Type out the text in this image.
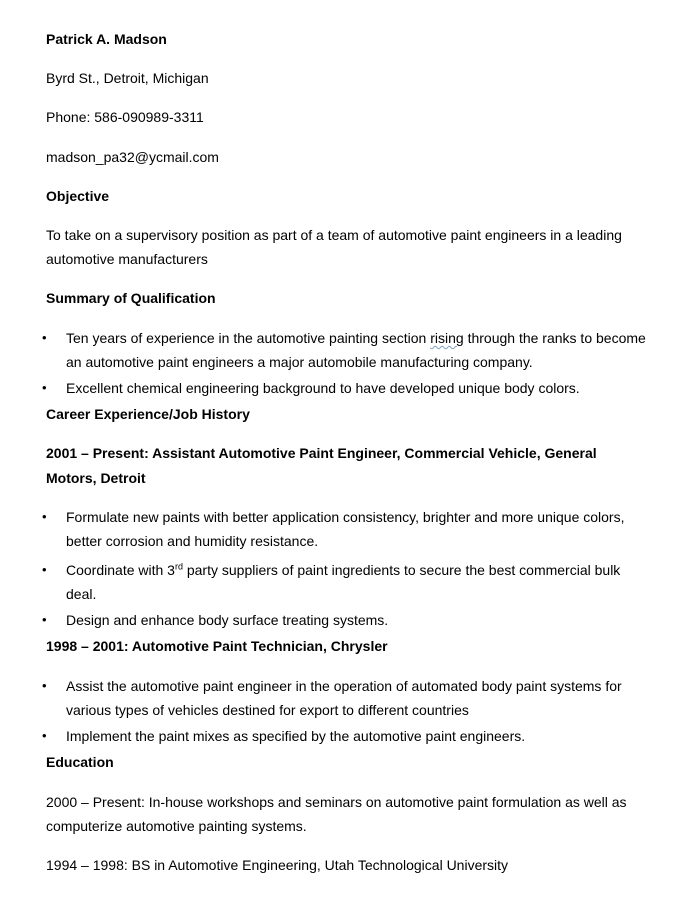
Patrick A. Madson
Byrd St., Detroit, Michigan
Phone: 586-090989-3311
madson_pa32@ycmail.com
Objective
To take on a supervisory position as part of a team of automotive paint engineers in a leading
automotive manufacturers
Summary of Qualification
• Ten years of experience in the automotive painting section rising through the ranks to become
an automotive paint engineers a major automobile manufacturing company.
• Excellent chemical engineering background to have developed unique body colors.
Career Experience/Job History
2001 – Present: Assistant Automotive Paint Engineer, Commercial Vehicle, General
Motors, Detroit
• Formulate new paints with better application consistency, brighter and more unique colors,
better corrosion and humidity resistance.
• Coordinate with 3rd party suppliers of paint ingredients to secure the best commercial bulk
deal.
• Design and enhance body surface treating systems.
1998 – 2001: Automotive Paint Technician, Chrysler
• Assist the automotive paint engineer in the operation of automated body paint systems for
various types of vehicles destined for export to different countries
• Implement the paint mixes as specified by the automotive paint engineers.
Education
2000 – Present: In-house workshops and seminars on automotive paint formulation as well as
computerize automotive painting systems.
1994 – 1998: BS in Automotive Engineering, Utah Technological University
